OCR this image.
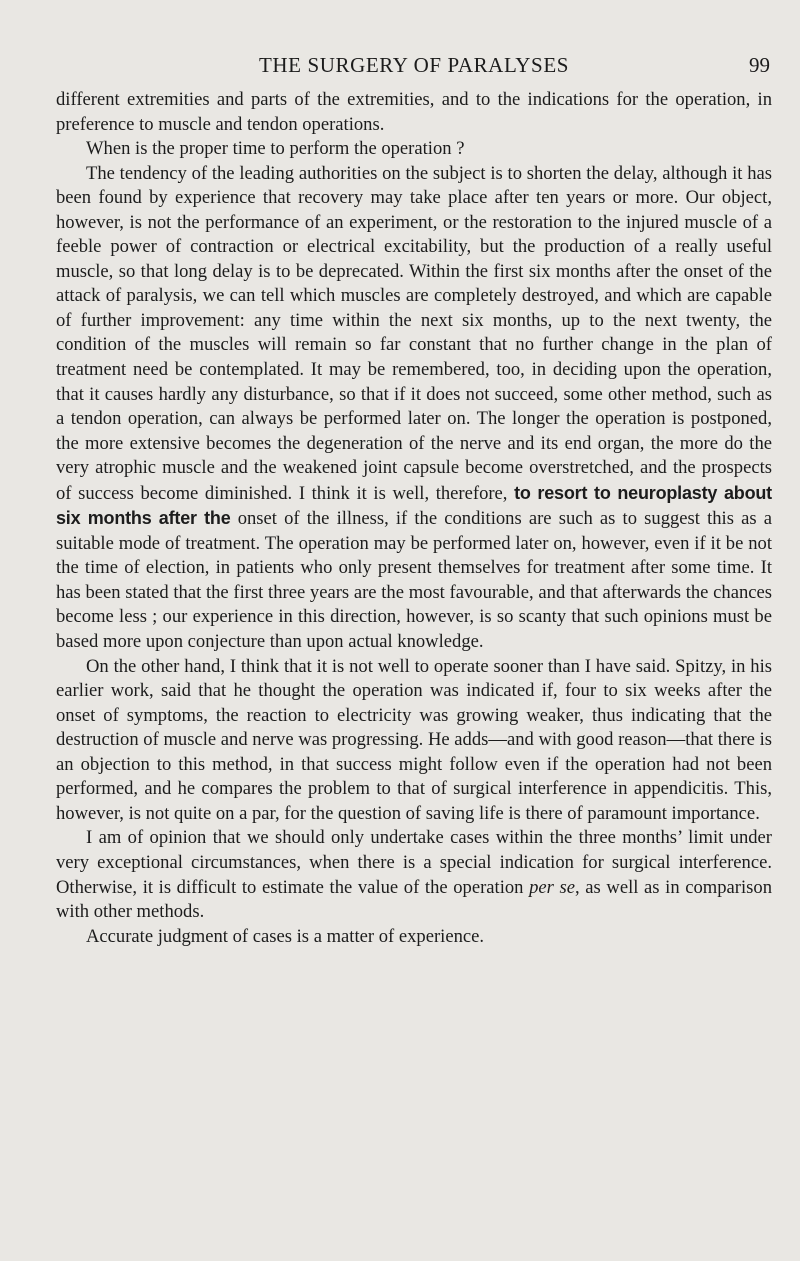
THE SURGERY OF PARALYSES	99

different extremities and parts of the extremities, and to the indications for the operation, in preference to muscle and tendon operations.

When is the proper time to perform the operation ?

The tendency of the leading authorities on the subject is to shorten the delay, although it has been found by experience that recovery may take place after ten years or more. Our object, however, is not the performance of an experiment, or the restoration to the injured muscle of a feeble power of contraction or electrical excitability, but the production of a really useful muscle, so that long delay is to be deprecated. Within the first six months after the onset of the attack of paralysis, we can tell which muscles are completely destroyed, and which are capable of further improvement: any time within the next six months, up to the next twenty, the condition of the muscles will remain so far constant that no further change in the plan of treatment need be contemplated. It may be remembered, too, in deciding upon the operation, that it causes hardly any disturbance, so that if it does not succeed, some other method, such as a tendon operation, can always be performed later on. The longer the operation is postponed, the more extensive becomes the degeneration of the nerve and its end organ, the more do the very atrophic muscle and the weakened joint capsule become overstretched, and the prospects of success become diminished. I think it is well, therefore, to resort to neuroplasty about six months after the onset of the illness, if the conditions are such as to suggest this as a suitable mode of treatment. The operation may be performed later on, however, even if it be not the time of election, in patients who only present themselves for treatment after some time. It has been stated that the first three years are the most favourable, and that afterwards the chances become less ; our experience in this direction, however, is so scanty that such opinions must be based more upon conjecture than upon actual knowledge.

On the other hand, I think that it is not well to operate sooner than I have said. Spitzy, in his earlier work, said that he thought the operation was indicated if, four to six weeks after the onset of symptoms, the reaction to electricity was growing weaker, thus indicating that the destruction of muscle and nerve was progressing. He adds—and with good reason—that there is an objection to this method, in that success might follow even if the operation had not been performed, and he compares the problem to that of surgical interference in appendicitis. This, however, is not quite on a par, for the question of saving life is there of paramount importance.

I am of opinion that we should only undertake cases within the three months’ limit under very exceptional circumstances, when there is a special indication for surgical interference. Otherwise, it is difficult to estimate the value of the operation per se, as well as in comparison with other methods.

Accurate judgment of cases is a matter of experience.
